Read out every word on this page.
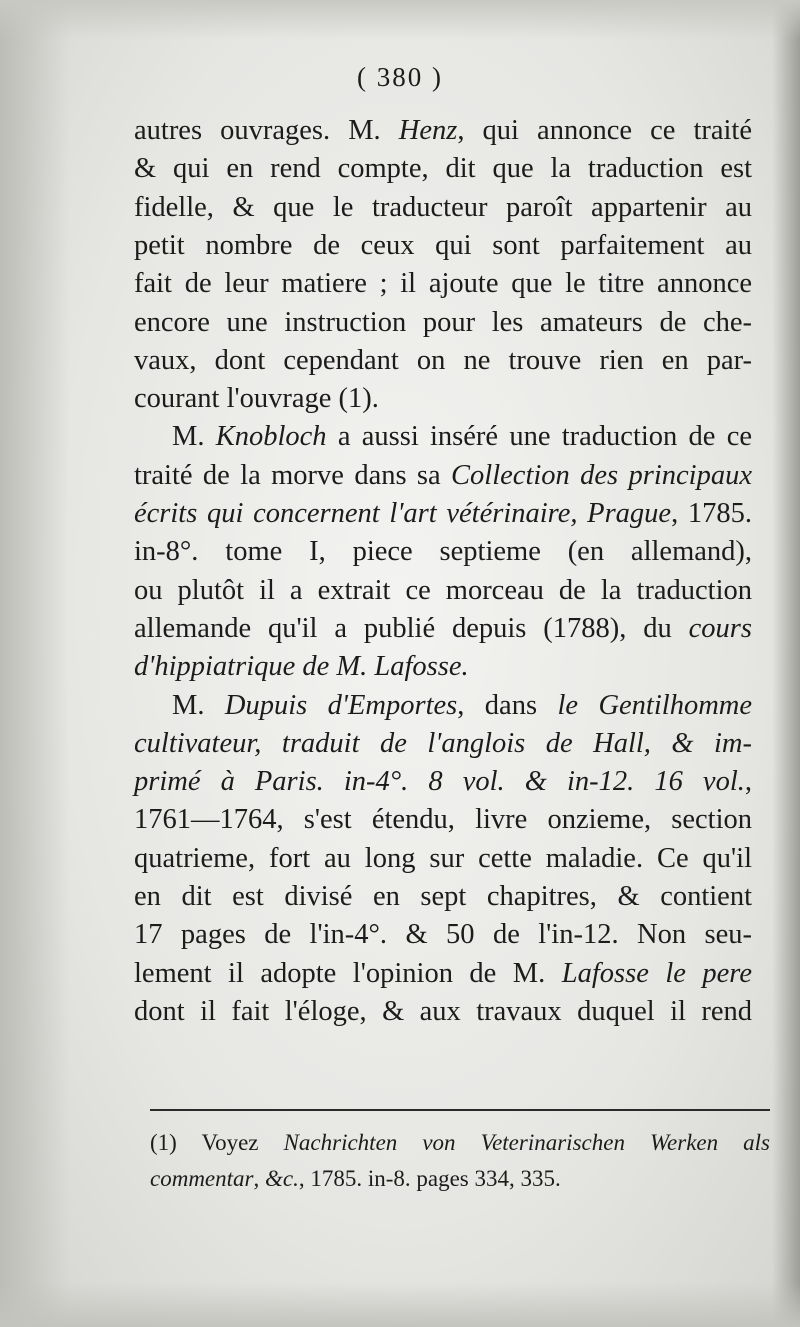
( 380 )
autres ouvrages. M. Henz, qui annonce ce traité
& qui en rend compte, dit que la traduction est
fidelle, & que le traducteur paroît appartenir au
petit nombre de ceux qui sont parfaitement au
fait de leur matiere ; il ajoute que le titre annonce
encore une instruction pour les amateurs de che-
vaux, dont cependant on ne trouve rien en par-
courant l'ouvrage (1).
M. Knobloch a aussi inséré une traduction de ce
traité de la morve dans sa Collection des principaux
écrits qui concernent l'art vétérinaire, Prague, 1785.
in-8°. tome I, piece septieme (en allemand),
ou plutôt il a extrait ce morceau de la traduction
allemande qu'il a publié depuis (1788), du cours
d'hippiatrique de M. Lafosse.
M. Dupuis d'Emportes, dans le Gentilhomme
cultivateur, traduit de l'anglois de Hall, & im-
primé à Paris. in-4°. 8 vol. & in-12. 16 vol.,
1761—1764, s'est étendu, livre onzieme, section
quatrieme, fort au long sur cette maladie. Ce qu'il
en dit est divisé en sept chapitres, & contient
17 pages de l'in-4°. & 50 de l'in-12. Non seu-
lement il adopte l'opinion de M. Lafosse le pere
dont il fait l'éloge, & aux travaux duquel il rend
(1) Voyez Nachrichten von Veterinarischen Werken als
commentar, &c., 1785. in-8. pages 334, 335.
